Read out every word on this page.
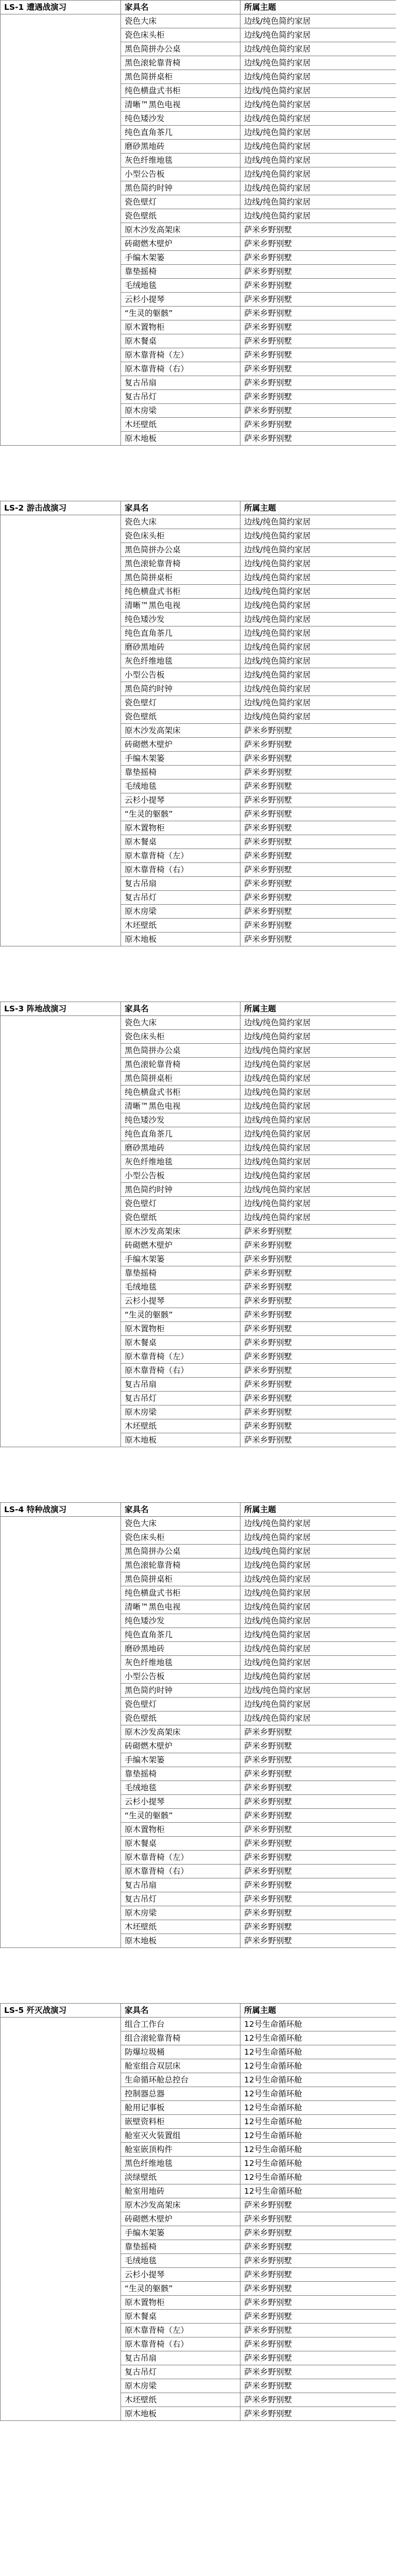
LS-1 遭遇战演习	家具名	所属主题
	瓷色大床	边线/纯色简约家居
	瓷色床头柜	边线/纯色简约家居
	黑色简拼办公桌	边线/纯色简约家居
	黑色滚轮靠背椅	边线/纯色简约家居
	黑色简拼桌柜	边线/纯色简约家居
	纯色横盘式书柜	边线/纯色简约家居
	清晰™黑色电视	边线/纯色简约家居
	纯色矮沙发	边线/纯色简约家居
	纯色直角茶几	边线/纯色简约家居
	磨砂黑地砖	边线/纯色简约家居
	灰色纤维地毯	边线/纯色简约家居
	小型公告板	边线/纯色简约家居
	黑色简约时钟	边线/纯色简约家居
	瓷色壁灯	边线/纯色简约家居
	瓷色壁纸	边线/纯色简约家居
	原木沙发高架床	萨米乡野别墅
	砖砌燃木壁炉	萨米乡野别墅
	手编木架篓	萨米乡野别墅
	靠垫摇椅	萨米乡野别墅
	毛绒地毯	萨米乡野别墅
	云杉小提琴	萨米乡野别墅
	“生灵的躯骸”	萨米乡野别墅
	原木置物柜	萨米乡野别墅
	原木餐桌	萨米乡野别墅
	原木靠背椅（左）	萨米乡野别墅
	原木靠背椅（右）	萨米乡野别墅
	复古吊扇	萨米乡野别墅
	复古吊灯	萨米乡野别墅
	原木房梁	萨米乡野别墅
	木坯壁纸	萨米乡野别墅
	原木地板	萨米乡野别墅
LS-2 游击战演习	家具名	所属主题
	瓷色大床	边线/纯色简约家居
	瓷色床头柜	边线/纯色简约家居
	黑色简拼办公桌	边线/纯色简约家居
	黑色滚轮靠背椅	边线/纯色简约家居
	黑色简拼桌柜	边线/纯色简约家居
	纯色横盘式书柜	边线/纯色简约家居
	清晰™黑色电视	边线/纯色简约家居
	纯色矮沙发	边线/纯色简约家居
	纯色直角茶几	边线/纯色简约家居
	磨砂黑地砖	边线/纯色简约家居
	灰色纤维地毯	边线/纯色简约家居
	小型公告板	边线/纯色简约家居
	黑色简约时钟	边线/纯色简约家居
	瓷色壁灯	边线/纯色简约家居
	瓷色壁纸	边线/纯色简约家居
	原木沙发高架床	萨米乡野别墅
	砖砌燃木壁炉	萨米乡野别墅
	手编木架篓	萨米乡野别墅
	靠垫摇椅	萨米乡野别墅
	毛绒地毯	萨米乡野别墅
	云杉小提琴	萨米乡野别墅
	“生灵的躯骸”	萨米乡野别墅
	原木置物柜	萨米乡野别墅
	原木餐桌	萨米乡野别墅
	原木靠背椅（左）	萨米乡野别墅
	原木靠背椅（右）	萨米乡野别墅
	复古吊扇	萨米乡野别墅
	复古吊灯	萨米乡野别墅
	原木房梁	萨米乡野别墅
	木坯壁纸	萨米乡野别墅
	原木地板	萨米乡野别墅
LS-3 阵地战演习	家具名	所属主题
	瓷色大床	边线/纯色简约家居
	瓷色床头柜	边线/纯色简约家居
	黑色简拼办公桌	边线/纯色简约家居
	黑色滚轮靠背椅	边线/纯色简约家居
	黑色简拼桌柜	边线/纯色简约家居
	纯色横盘式书柜	边线/纯色简约家居
	清晰™黑色电视	边线/纯色简约家居
	纯色矮沙发	边线/纯色简约家居
	纯色直角茶几	边线/纯色简约家居
	磨砂黑地砖	边线/纯色简约家居
	灰色纤维地毯	边线/纯色简约家居
	小型公告板	边线/纯色简约家居
	黑色简约时钟	边线/纯色简约家居
	瓷色壁灯	边线/纯色简约家居
	瓷色壁纸	边线/纯色简约家居
	原木沙发高架床	萨米乡野别墅
	砖砌燃木壁炉	萨米乡野别墅
	手编木架篓	萨米乡野别墅
	靠垫摇椅	萨米乡野别墅
	毛绒地毯	萨米乡野别墅
	云杉小提琴	萨米乡野别墅
	“生灵的躯骸”	萨米乡野别墅
	原木置物柜	萨米乡野别墅
	原木餐桌	萨米乡野别墅
	原木靠背椅（左）	萨米乡野别墅
	原木靠背椅（右）	萨米乡野别墅
	复古吊扇	萨米乡野别墅
	复古吊灯	萨米乡野别墅
	原木房梁	萨米乡野别墅
	木坯壁纸	萨米乡野别墅
	原木地板	萨米乡野别墅
LS-4 特种战演习	家具名	所属主题
	瓷色大床	边线/纯色简约家居
	瓷色床头柜	边线/纯色简约家居
	黑色简拼办公桌	边线/纯色简约家居
	黑色滚轮靠背椅	边线/纯色简约家居
	黑色简拼桌柜	边线/纯色简约家居
	纯色横盘式书柜	边线/纯色简约家居
	清晰™黑色电视	边线/纯色简约家居
	纯色矮沙发	边线/纯色简约家居
	纯色直角茶几	边线/纯色简约家居
	磨砂黑地砖	边线/纯色简约家居
	灰色纤维地毯	边线/纯色简约家居
	小型公告板	边线/纯色简约家居
	黑色简约时钟	边线/纯色简约家居
	瓷色壁灯	边线/纯色简约家居
	瓷色壁纸	边线/纯色简约家居
	原木沙发高架床	萨米乡野别墅
	砖砌燃木壁炉	萨米乡野别墅
	手编木架篓	萨米乡野别墅
	靠垫摇椅	萨米乡野别墅
	毛绒地毯	萨米乡野别墅
	云杉小提琴	萨米乡野别墅
	“生灵的躯骸”	萨米乡野别墅
	原木置物柜	萨米乡野别墅
	原木餐桌	萨米乡野别墅
	原木靠背椅（左）	萨米乡野别墅
	原木靠背椅（右）	萨米乡野别墅
	复古吊扇	萨米乡野别墅
	复古吊灯	萨米乡野别墅
	原木房梁	萨米乡野别墅
	木坯壁纸	萨米乡野别墅
	原木地板	萨米乡野别墅
LS-5 歼灭战演习	家具名	所属主题
	组合工作台	12号生命循环舱
	组合滚轮靠背椅	12号生命循环舱
	防爆垃圾桶	12号生命循环舱
	舱室组合双层床	12号生命循环舱
	生命循环舱总控台	12号生命循环舱
	控制器总器	12号生命循环舱
	舱用记事板	12号生命循环舱
	嵌壁资料柜	12号生命循环舱
	舱室灭火装置组	12号生命循环舱
	舱室嵌顶构件	12号生命循环舱
	黑色纤维地毯	12号生命循环舱
	淡绿壁纸	12号生命循环舱
	舱室用地砖	12号生命循环舱
	原木沙发高架床	萨米乡野别墅
	砖砌燃木壁炉	萨米乡野别墅
	手编木架篓	萨米乡野别墅
	靠垫摇椅	萨米乡野别墅
	毛绒地毯	萨米乡野别墅
	云杉小提琴	萨米乡野别墅
	“生灵的躯骸”	萨米乡野别墅
	原木置物柜	萨米乡野别墅
	原木餐桌	萨米乡野别墅
	原木靠背椅（左）	萨米乡野别墅
	原木靠背椅（右）	萨米乡野别墅
	复古吊扇	萨米乡野别墅
	复古吊灯	萨米乡野别墅
	原木房梁	萨米乡野别墅
	木坯壁纸	萨米乡野别墅
	原木地板	萨米乡野别墅
